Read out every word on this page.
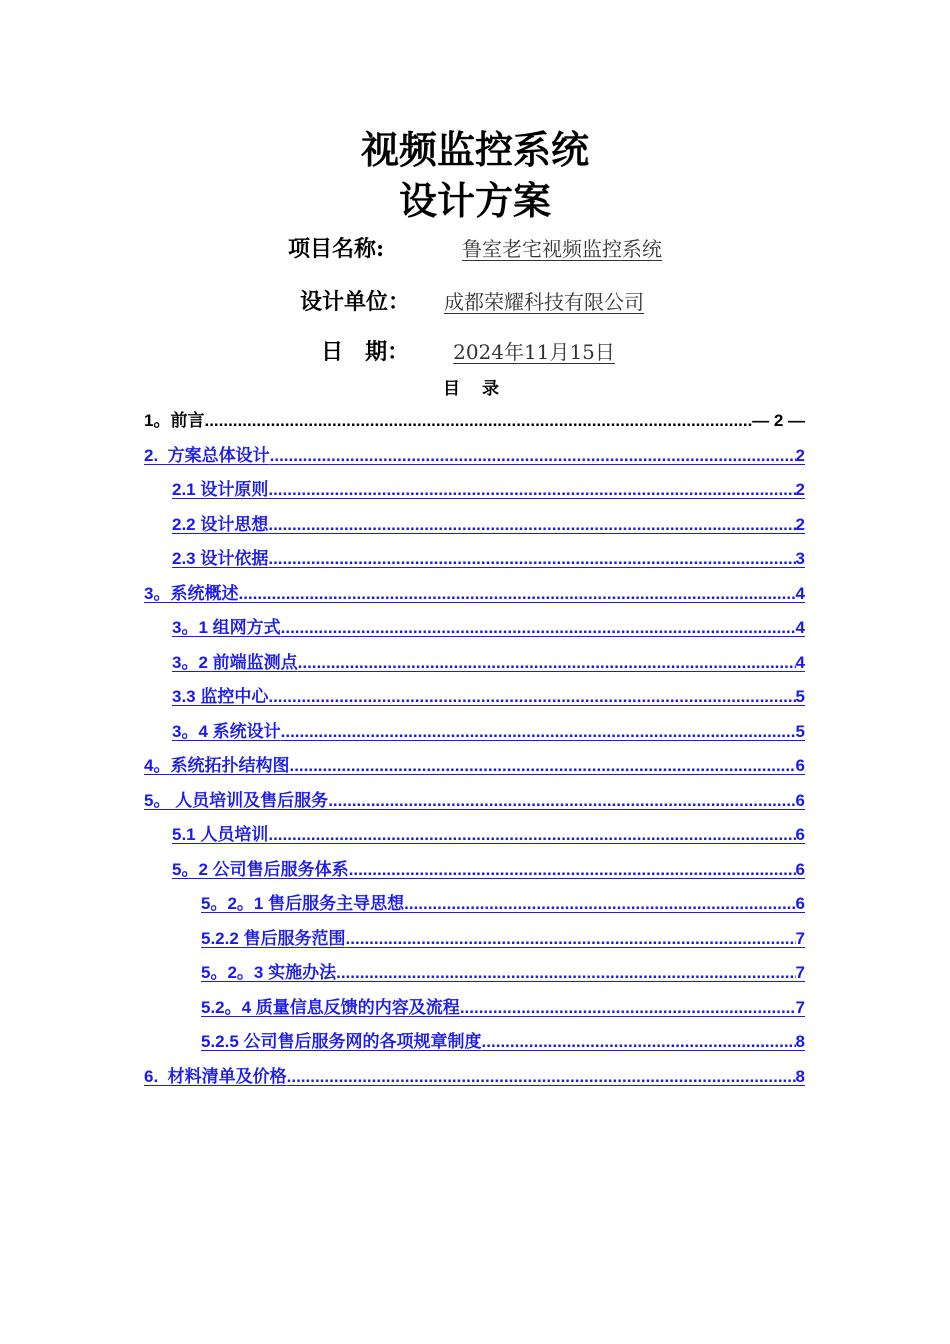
视频监控系统
设计方案
项目名称:	鲁室老宅视频监控系统
设计单位：	成都荣耀科技有限公司
日 期：	2024年11月15日
目 录
1。前言 .....	— 2 —
2.  方案总体设计 .....	2
2.1 设计原则 .....	2
2.2 设计思想 .....	2
2.3 设计依据 .....	3
3。系统概述 .....	4
3。1 组网方式 .....	4
3。2 前端监测点 .....	4
3.3 监控中心 .....	5
3。4 系统设计 .....	5
4。系统拓扑结构图 .....	6
5。 人员培训及售后服务 .....	6
5.1 人员培训 .....	6
5。2 公司售后服务体系 .....	6
5。2。1 售后服务主导思想 .....	6
5.2.2 售后服务范围 .....	7
5。2。3 实施办法 .....	7
5.2。4 质量信息反馈的内容及流程 .....	7
5.2.5 公司售后服务网的各项规章制度 .....	8
6.  材料清单及价格 .....	8
